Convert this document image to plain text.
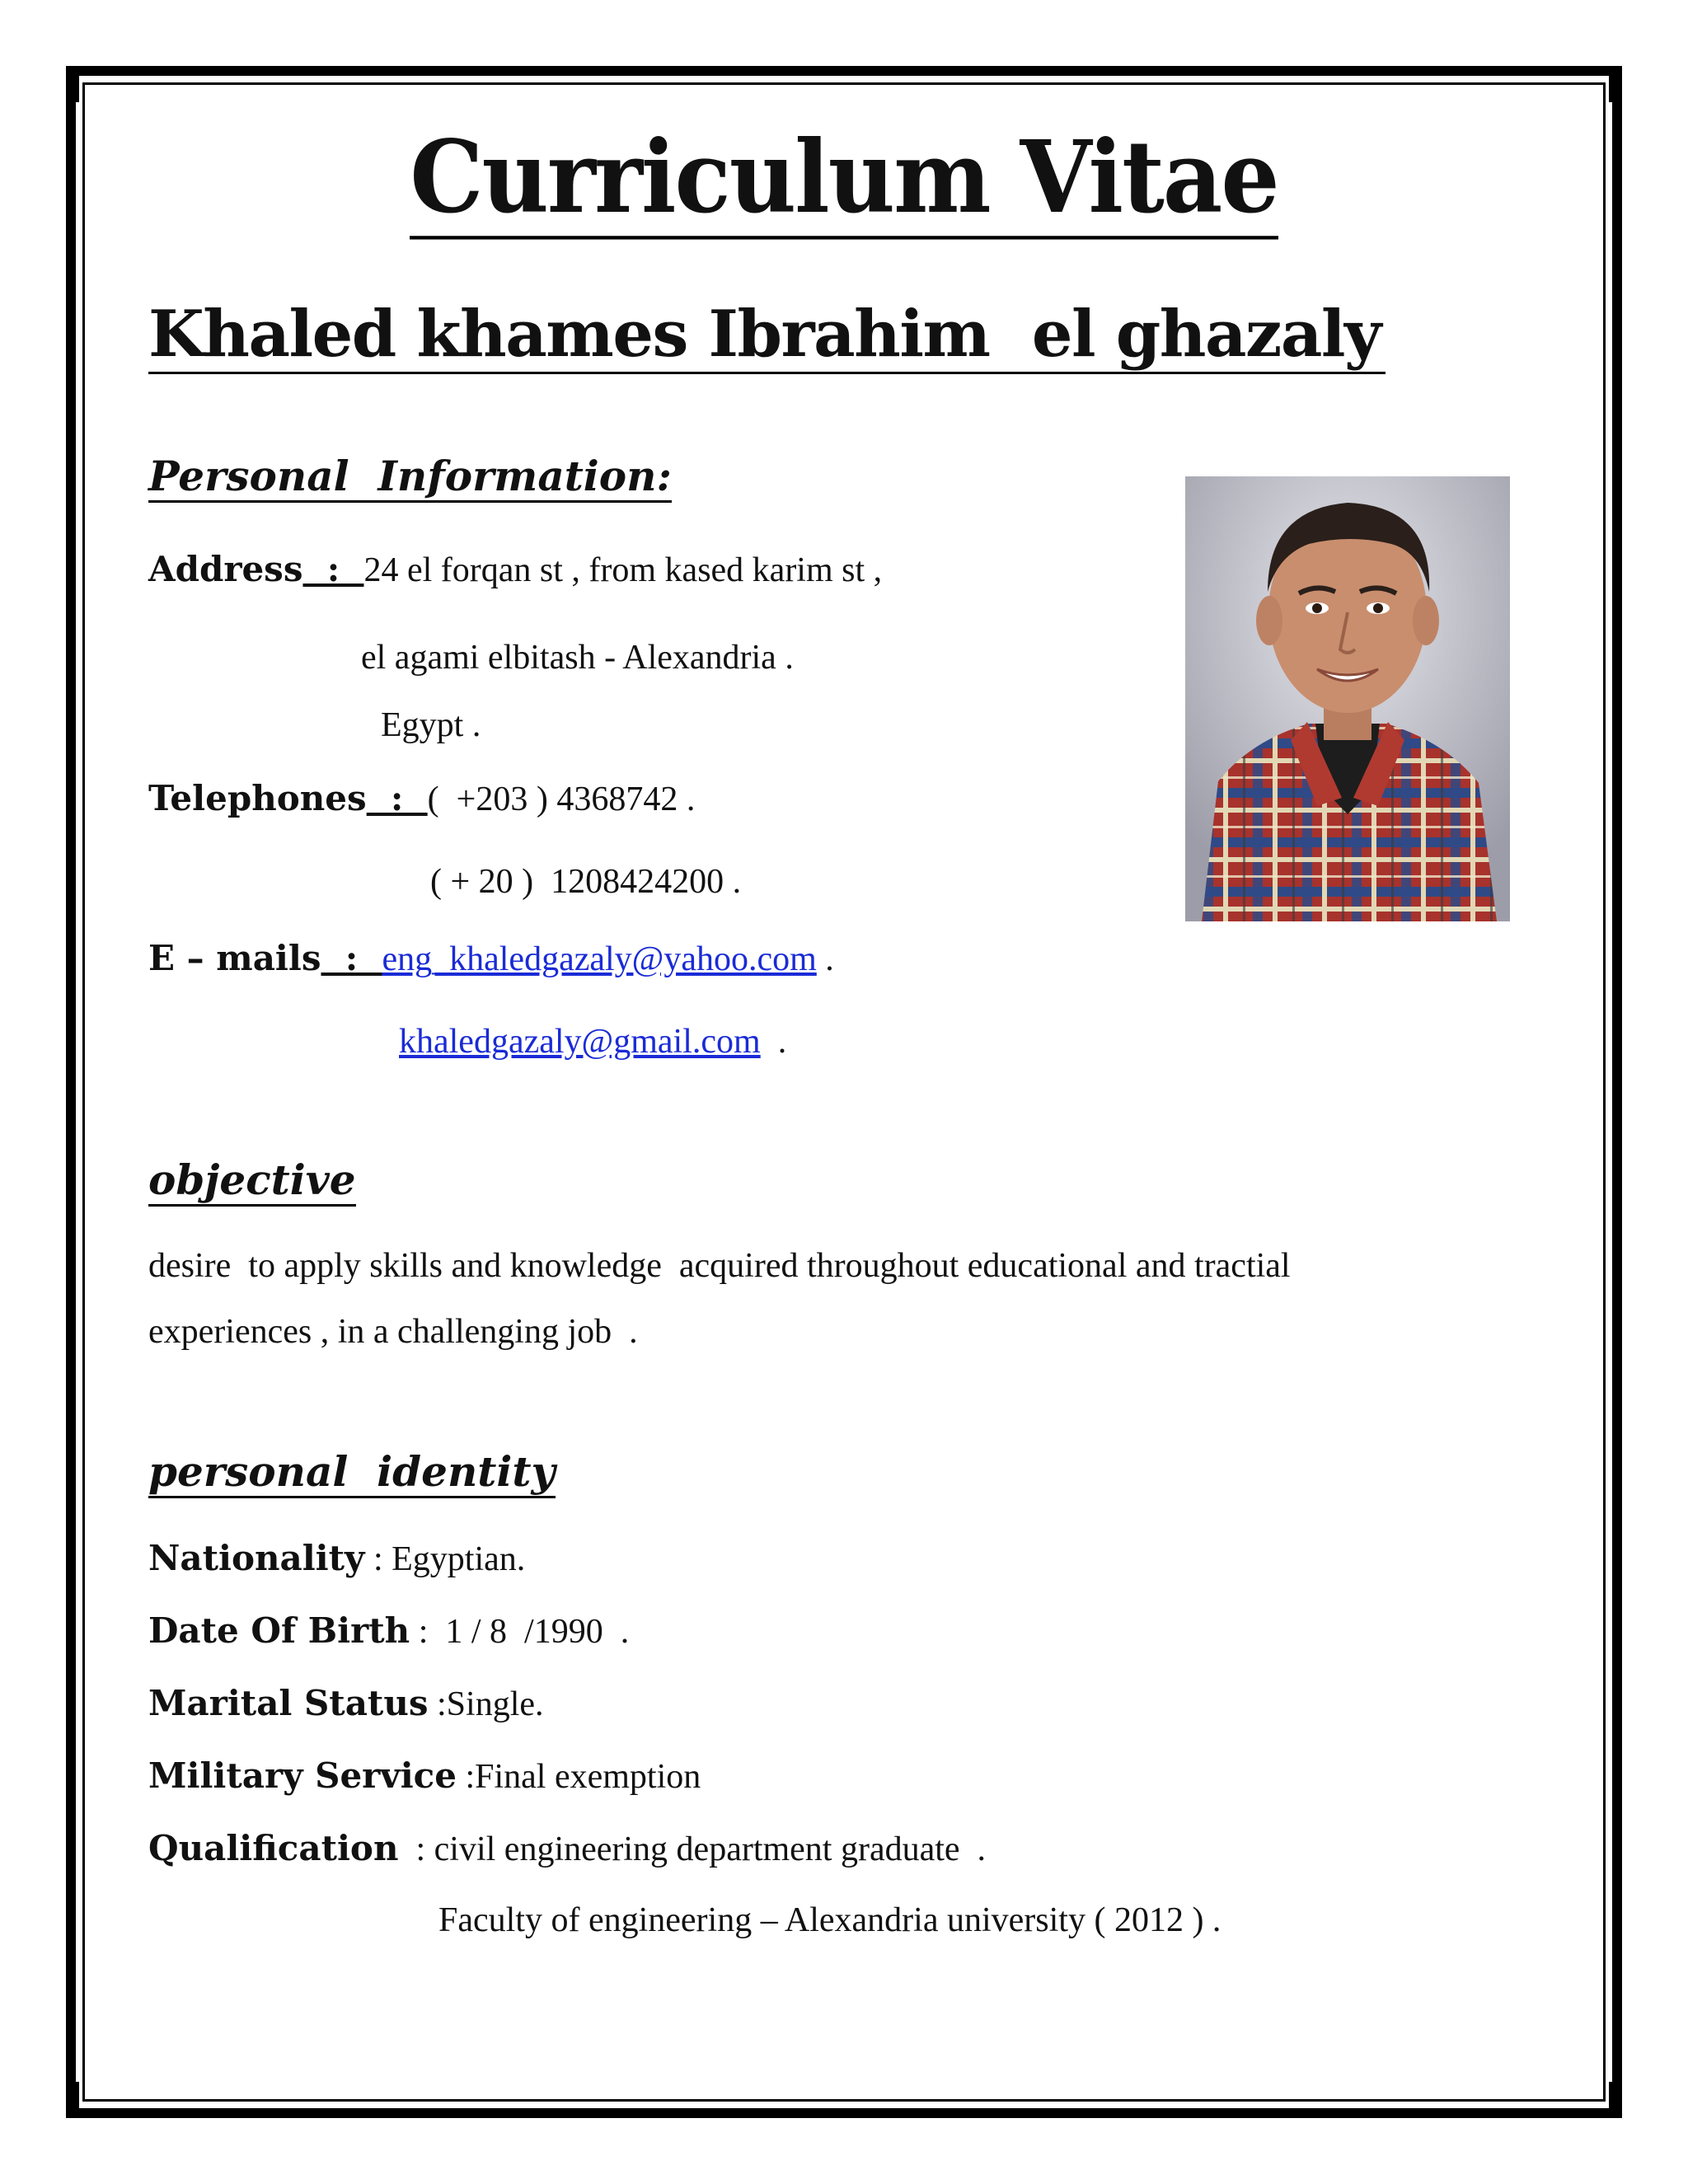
Curriculum Vitae
Khaled khames Ibrahim  el ghazaly
Personal  Information:
Address  :  24 el forqan st , from kased karim st ,
el agami elbitash - Alexandria .
Egypt .
Telephones  :  (  +203 ) 4368742 .
( + 20 )  1208424200 .
E – mails  :  eng_khaledgazaly@yahoo.com .
khaledgazaly@gmail.com  .
objective
desire  to apply skills and knowledge  acquired throughout educational and tractial
experiences , in a challenging job  .
personal  identity
Nationality : Egyptian.
Date Of Birth :  1 / 8  /1990  .
Marital Status :Single.
Military Service :Final exemption
Qualification  : civil engineering department graduate  .
Faculty of engineering – Alexandria university ( 2012 ) .
